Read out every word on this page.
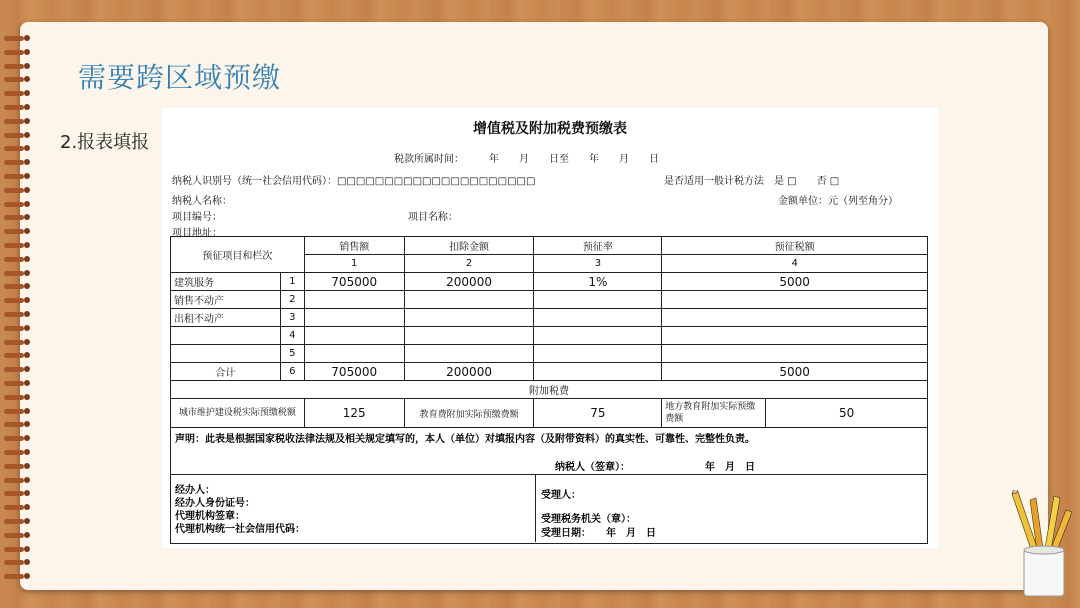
需要跨区域预缴
2.报表填报
增值税及附加税费预缴表
税款所属时间：　　　年　　月　　日至　　年　　月　　日
纳税人识别号（统一社会信用代码）：□□□□□□□□□□□□□□□□□□□□□	是否适用一般计税方法　是 □　　否 □
纳税人名称：	金额单位：元（列至角分）
项目编号：	项目名称：
项目地址：
预征项目和栏次		销售额	扣除金额	预征率	预征税额
		1	2	3	4
建筑服务	1	705000	200000	1%	5000
销售不动产	2				
出租不动产	3				
	4				
	5				
合计	6	705000	200000		5000
附加税费					
城市维护建设税实际预缴税额		125	教育费附加实际预缴费额	75	地方教育附加实际预缴费额 50
声明：此表是根据国家税收法律法规及相关规定填写的，本人（单位）对填报内容（及附带资料）的真实性、可靠性、完整性负责。
纳税人（签章）：　　　　　　　　年　月　日
经办人：
经办人身份证号：
代理机构签章：
代理机构统一社会信用代码：
受理人：
受理税务机关（章）：
受理日期：　　年　月　日
